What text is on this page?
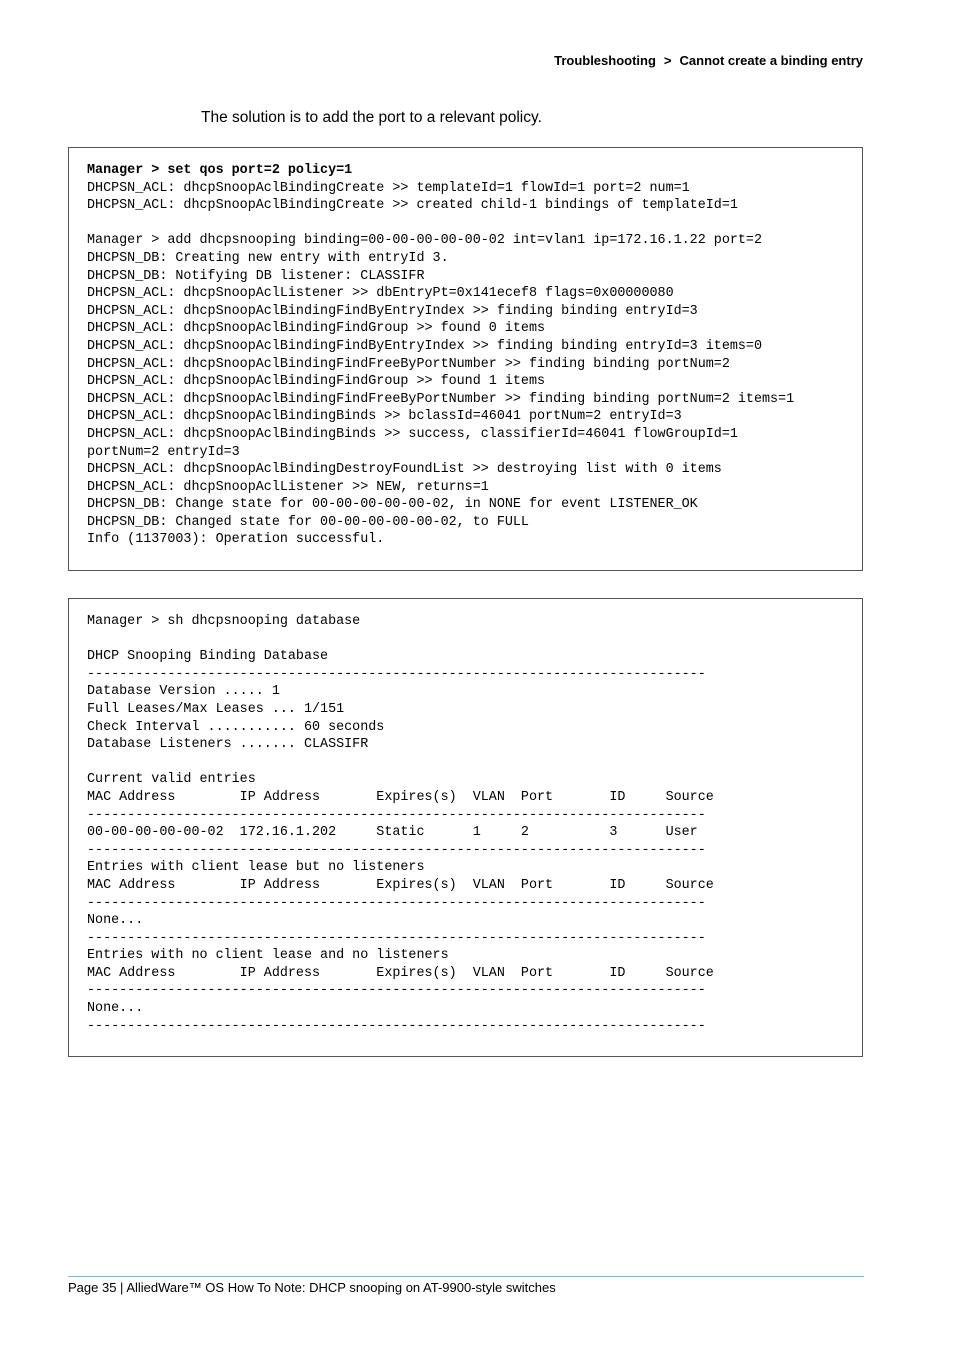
Troubleshooting > Cannot create a binding entry
The solution is to add the port to a relevant policy.
Manager > set qos port=2 policy=1
DHCPSN_ACL: dhcpSnoopAclBindingCreate >> templateId=1 flowId=1 port=2 num=1
DHCPSN_ACL: dhcpSnoopAclBindingCreate >> created child-1 bindings of templateId=1
Manager > add dhcpsnooping binding=00-00-00-00-00-02 int=vlan1 ip=172.16.1.22 port=2
DHCPSN_DB: Creating new entry with entryId 3.
DHCPSN_DB: Notifying DB listener: CLASSIFR
DHCPSN_ACL: dhcpSnoopAclListener >> dbEntryPt=0x141ecef8 flags=0x00000080
DHCPSN_ACL: dhcpSnoopAclBindingFindByEntryIndex >> finding binding entryId=3
DHCPSN_ACL: dhcpSnoopAclBindingFindGroup >> found 0 items
DHCPSN_ACL: dhcpSnoopAclBindingFindByEntryIndex >> finding binding entryId=3 items=0
DHCPSN_ACL: dhcpSnoopAclBindingFindFreeByPortNumber >> finding binding portNum=2
DHCPSN_ACL: dhcpSnoopAclBindingFindGroup >> found 1 items
DHCPSN_ACL: dhcpSnoopAclBindingFindFreeByPortNumber >> finding binding portNum=2 items=1
DHCPSN_ACL: dhcpSnoopAclBindingBinds >> bclassId=46041 portNum=2 entryId=3
DHCPSN_ACL: dhcpSnoopAclBindingBinds >> success, classifierId=46041 flowGroupId=1
portNum=2 entryId=3
DHCPSN_ACL: dhcpSnoopAclBindingDestroyFoundList >> destroying list with 0 items
DHCPSN_ACL: dhcpSnoopAclListener >> NEW, returns=1
DHCPSN_DB: Change state for 00-00-00-00-00-02, in NONE for event LISTENER_OK
DHCPSN_DB: Changed state for 00-00-00-00-00-02, to FULL
Info (1137003): Operation successful.
Manager > sh dhcpsnooping database
DHCP Snooping Binding Database
-----------------------------------------------------------------------------
Database Version ..... 1
Full Leases/Max Leases ... 1/151
Check Interval ........... 60 seconds
Database Listeners ....... CLASSIFR
Current valid entries
MAC Address        IP Address       Expires(s)  VLAN  Port       ID     Source
-----------------------------------------------------------------------------
00-00-00-00-00-02  172.16.1.202     Static      1     2          3      User
-----------------------------------------------------------------------------
Entries with client lease but no listeners
MAC Address        IP Address       Expires(s)  VLAN  Port       ID     Source
-----------------------------------------------------------------------------
None...
-----------------------------------------------------------------------------
Entries with no client lease and no listeners
MAC Address        IP Address       Expires(s)  VLAN  Port       ID     Source
-----------------------------------------------------------------------------
None...
-----------------------------------------------------------------------------
Page 35 | AlliedWare™ OS How To Note: DHCP snooping on AT-9900-style switches
